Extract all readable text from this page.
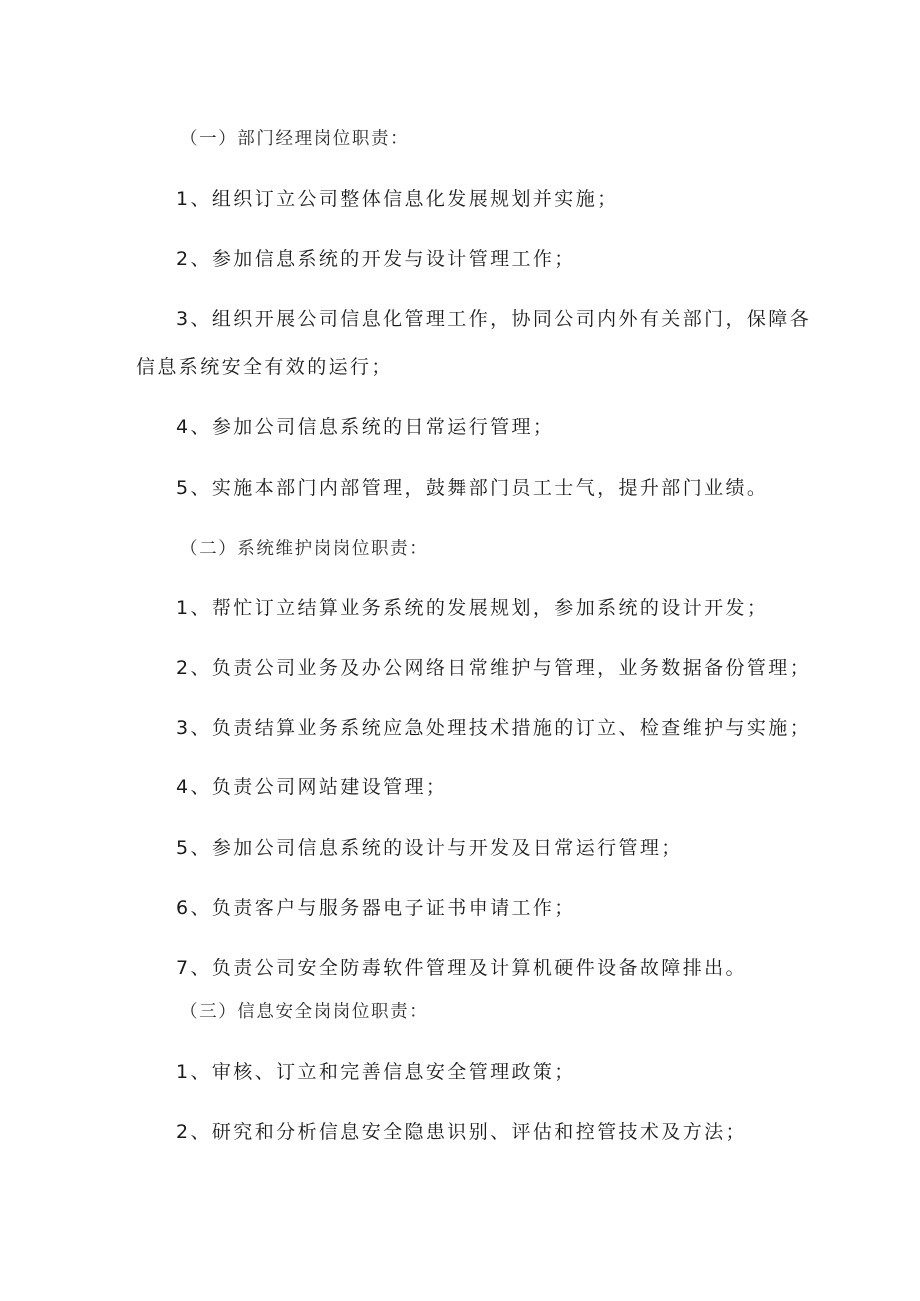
（一）部门经理岗位职责：
1、组织订立公司整体信息化发展规划并实施；
2、参加信息系统的开发与设计管理工作；
3、组织开展公司信息化管理工作，协同公司内外有关部门，保障各
信息系统安全有效的运行；
4、参加公司信息系统的日常运行管理；
5、实施本部门内部管理，鼓舞部门员工士气，提升部门业绩。
（二）系统维护岗岗位职责：
1、帮忙订立结算业务系统的发展规划，参加系统的设计开发；
2、负责公司业务及办公网络日常维护与管理，业务数据备份管理；
3、负责结算业务系统应急处理技术措施的订立、检查维护与实施；
4、负责公司网站建设管理；
5、参加公司信息系统的设计与开发及日常运行管理；
6、负责客户与服务器电子证书申请工作；
7、负责公司安全防毒软件管理及计算机硬件设备故障排出。
（三）信息安全岗岗位职责：
1、审核、订立和完善信息安全管理政策；
2、研究和分析信息安全隐患识别、评估和控管技术及方法；
